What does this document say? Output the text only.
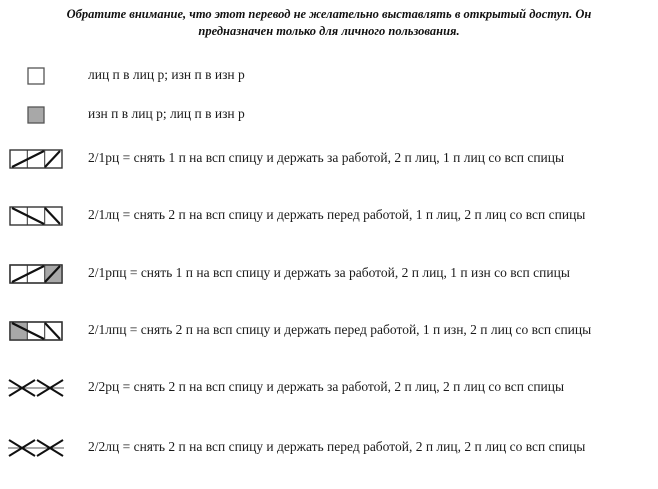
Обратите внимание, что этот перевод не желательно выставлять в открытый доступ. Он
предназначен только для личного пользования.
лиц п в лиц р; изн п в изн р
изн п в лиц р; лиц п в изн р
2/1рц = снять 1 п на всп спицу и держать за работой, 2 п лиц, 1 п лиц со всп спицы
2/1лц = снять 2 п на всп спицу и держать перед работой, 1 п лиц, 2 п лиц со всп спицы
2/1рпц = снять 1 п на всп спицу и держать за работой, 2 п лиц, 1 п изн со всп спицы
2/1лпц = снять 2 п на всп спицу и держать перед работой, 1 п изн, 2 п лиц со всп спицы
2/2рц = снять 2 п на всп спицу и держать за работой, 2 п лиц, 2 п лиц со всп спицы
2/2лц = снять 2 п на всп спицу и держать перед работой, 2 п лиц, 2 п лиц со всп спицы
